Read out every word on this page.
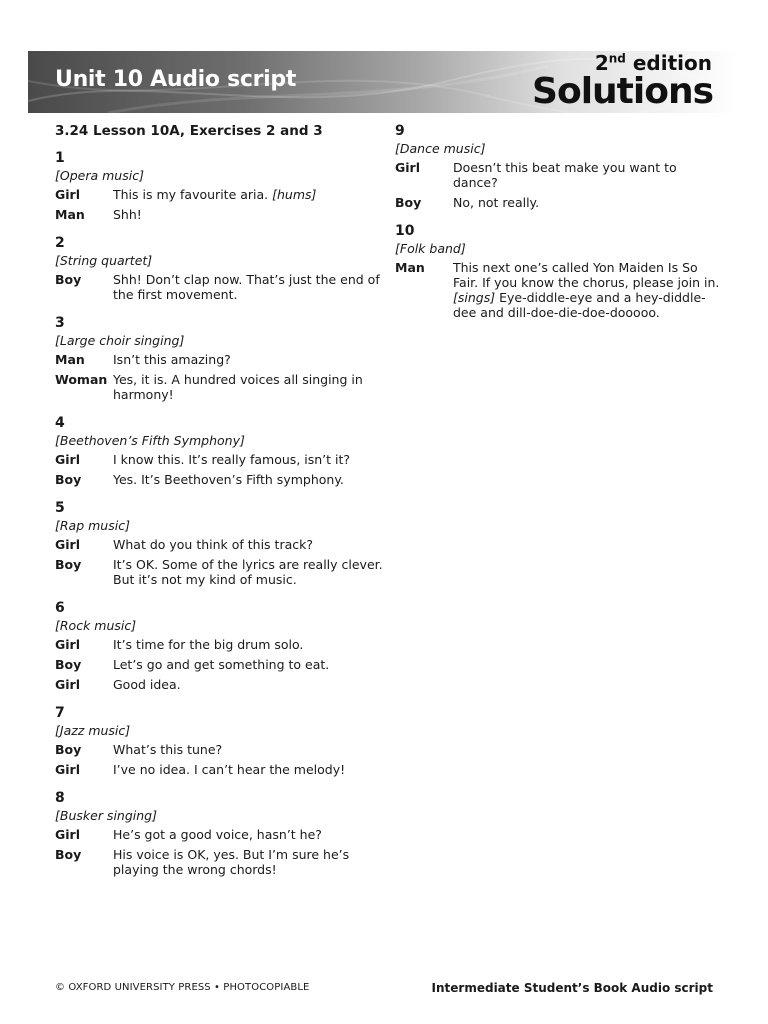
Unit 10 Audio script
2nd edition
Solutions
3.24 Lesson 10A, Exercises 2 and 3
1
[Opera music]
Girl	This is my favourite aria. [hums]
Man	Shh!
2
[String quartet]
Boy	Shh! Don’t clap now. That’s just the end of the first movement.
3
[Large choir singing]
Man	Isn’t this amazing?
Woman Yes, it is. A hundred voices all singing in harmony!
4
[Beethoven’s Fifth Symphony]
Girl	I know this. It’s really famous, isn’t it?
Boy	Yes. It’s Beethoven’s Fifth symphony.
5
[Rap music]
Girl	What do you think of this track?
Boy	It’s OK. Some of the lyrics are really clever. But it’s not my kind of music.
6
[Rock music]
Girl	It’s time for the big drum solo.
Boy	Let’s go and get something to eat.
Girl	Good idea.
7
[Jazz music]
Boy	What’s this tune?
Girl	I’ve no idea. I can’t hear the melody!
8
[Busker singing]
Girl	He’s got a good voice, hasn’t he?
Boy	His voice is OK, yes. But I’m sure he’s playing the wrong chords!
9
[Dance music]
Girl	Doesn’t this beat make you want to dance?
Boy	No, not really.
10
[Folk band]
Man	This next one’s called Yon Maiden Is So Fair. If you know the chorus, please join in. [sings] Eye-diddle-eye and a hey-diddle-dee and dill-doe-die-doe-dooooo.
© OXFORD UNIVERSITY PRESS • PHOTOCOPIABLE	Intermediate Student’s Book Audio script
